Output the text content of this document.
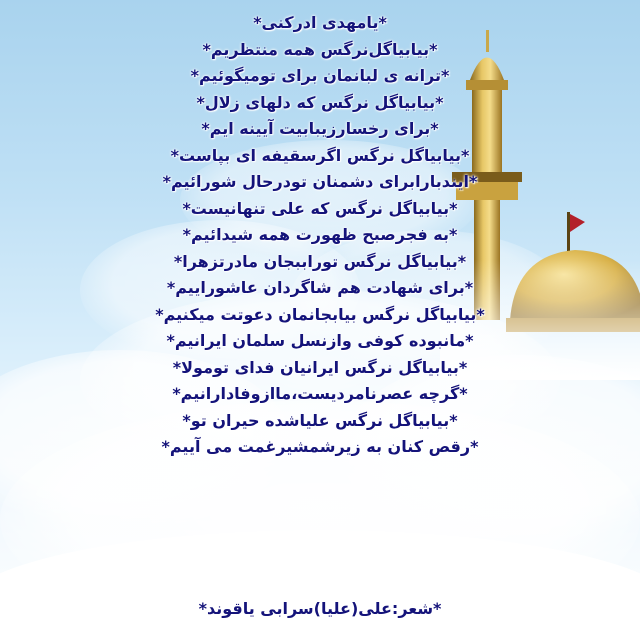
*یامهدی ادرکنی*
*بیابیاگل‌نرگس همه منتظریم*
*ترانه ی لبانمان برای تومیگوئیم*
*بیابیاگل نرگس که دلهای زلال*
*برای رخسارزیبابیت آیینه ایم*
*بیابیاگل نرگس اگرسقیفه ای بپاست*
*ایندبارابرای دشمنان تودرحال شورائیم*
*بیابیاگل نرگس که علی تنهانیست*
*به فجرصبح ظهورت همه شیدائیم*
*بیابیاگل نرگس توراببجان مادرتزهرا*
*برای شهادت هم شاگردان عاشوراییم*
*بیابیاگل نرگس بیابجانمان دعوتت میکنیم*
*مانبوده کوفی وازنسل سلمان ایرانیم*
*بیابیاگل نرگس ایرانیان فدای تومولا*
*گرچه عصرنامردیست،ماازوفادارانیم*
*بیابیاگل نرگس علیاشده حیران تو*
*رقص کنان به زیرشمشیرغمت می آییم*
*شعر:علی(علیا)سرابی یاقوند*
